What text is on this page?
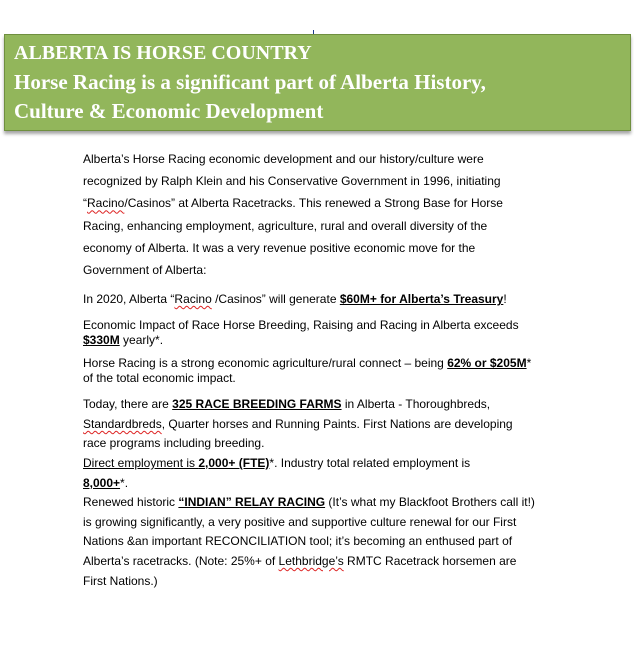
ALBERTA IS HORSE COUNTRY
Horse Racing is a significant part of Alberta History,
Culture & Economic Development

Alberta’s Horse Racing economic development and our history/culture were
recognized by Ralph Klein and his Conservative Government in 1996, initiating
“Racino/Casinos” at Alberta Racetracks. This renewed a Strong Base for Horse
Racing, enhancing employment, agriculture, rural and overall diversity of the
economy of Alberta. It was a very revenue positive economic move for the
Government of Alberta:

In 2020, Alberta “Racino /Casinos” will generate $60M+ for Alberta’s Treasury!

Economic Impact of Race Horse Breeding, Raising and Racing in Alberta exceeds
$330M yearly*.

Horse Racing is a strong economic agriculture/rural connect – being 62% or $205M*
of the total economic impact.

Today, there are 325 RACE BREEDING FARMS in Alberta - Thoroughbreds,
Standardbreds, Quarter horses and Running Paints. First Nations are developing
race programs including breeding.
Direct employment is 2,000+ (FTE)*. Industry total related employment is
8,000+*.
Renewed historic “INDIAN” RELAY RACING (It’s what my Blackfoot Brothers call it!)
is growing significantly, a very positive and supportive culture renewal for our First
Nations &an important RECONCILIATION tool; it’s becoming an enthused part of
Alberta’s racetracks. (Note: 25%+ of Lethbridge’s RMTC Racetrack horsemen are
First Nations.)
